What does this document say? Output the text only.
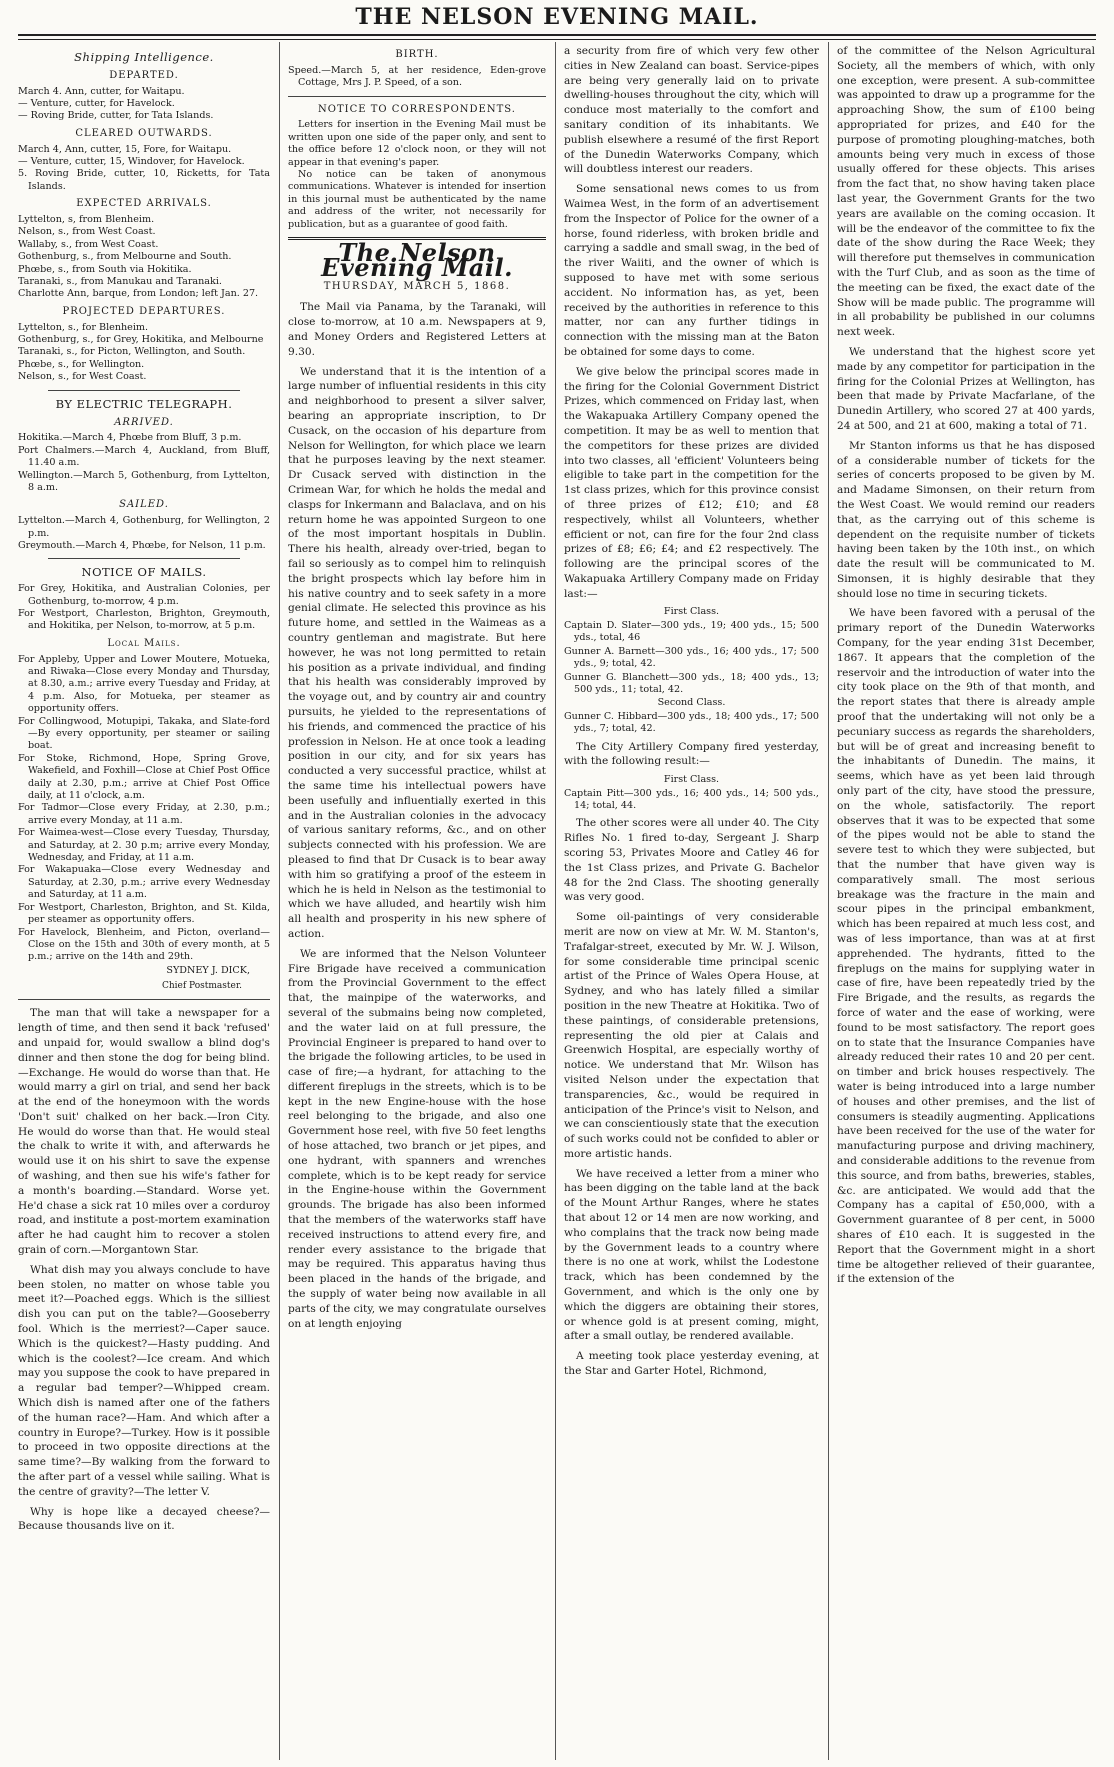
THE NELSON EVENING MAIL.
Shipping Intelligence.
DEPARTED.

March 4. Ann, cutter, for Waitapu.

— Venture, cutter, for Havelock.

— Roving Bride, cutter, for Tata Islands.

CLEARED OUTWARDS.

March 4, Ann, cutter, 15, Fore, for Waitapu.

— Venture, cutter, 15, Windover, for Havelock.

5. Roving Bride, cutter, 10, Ricketts, for Tata Islands.

EXPECTED ARRIVALS.

Lyttelton, s, from Blenheim.

Nelson, s., from West Coast.

Wallaby, s., from West Coast.

Gothenburg, s., from Melbourne and South.

Phœbe, s., from South via Hokitika.

Taranaki, s., from Manukau and Taranaki.

Charlotte Ann, barque, from London; left Jan. 27.

PROJECTED DEPARTURES.

Lyttelton, s., for Blenheim.

Gothenburg, s., for Grey, Hokitika, and Melbourne

Taranaki, s., for Picton, Wellington, and South.

Phœbe, s., for Wellington.

Nelson, s., for West Coast.

BY ELECTRIC TELEGRAPH.
ARRIVED.

Hokitika.—March 4, Phœbe from Bluff, 3 p.m.

Port Chalmers.—March 4, Auckland, from Bluff, 11.40 a.m.

Wellington.—March 5, Gothenburg, from Lyttelton, 8 a.m.

SAILED.

Lyttelton.—March 4, Gothenburg, for Wellington, 2 p.m.

Greymouth.—March 4, Phœbe, for Nelson, 11 p.m.

NOTICE OF MAILS.

For Grey, Hokitika, and Australian Colonies, per Gothenburg, to-morrow, 4 p.m.

For Westport, Charleston, Brighton, Greymouth, and Hokitika, per Nelson, to-morrow, at 5 p.m.

Local Mails.

For Appleby, Upper and Lower Moutere, Motueka, and Riwaka—Close every Monday and Thursday, at 8.30, a.m.; arrive every Tuesday and Friday, at 4 p.m. Also, for Motueka, per steamer as opportunity offers.

For Collingwood, Motupipi, Takaka, and Slate-ford—By every opportunity, per steamer or sailing boat.

For Stoke, Richmond, Hope, Spring Grove, Wakefield, and Foxhill—Close at Chief Post Office daily at 2.30, p.m.; arrive at Chief Post Office daily, at 11 o'clock, a.m.

For Tadmor—Close every Friday, at 2.30, p.m.; arrive every Monday, at 11 a.m.

For Waimea-west—Close every Tuesday, Thursday, and Saturday, at 2. 30 p.m; arrive every Monday, Wednesday, and Friday, at 11 a.m.

For Wakapuaka—Close every Wednesday and Saturday, at 2.30, p.m.; arrive every Wednesday and Saturday, at 11 a.m.

For Westport, Charleston, Brighton, and St. Kilda, per steamer as opportunity offers.

For Havelock, Blenheim, and Picton, overland—Close on the 15th and 30th of every month, at 5 p.m.; arrive on the 14th and 29th.

SYDNEY J. DICK,

Chief Postmaster.

The man that will take a newspaper for a length of time, and then send it back 'refused' and unpaid for, would swallow a blind dog's dinner and then stone the dog for being blind.—Exchange. He would do worse than that. He would marry a girl on trial, and send her back at the end of the honeymoon with the words 'Don't suit' chalked on her back.—Iron City. He would do worse than that. He would steal the chalk to write it with, and afterwards he would use it on his shirt to save the expense of washing, and then sue his wife's father for a month's boarding.—Standard. Worse yet. He'd chase a sick rat 10 miles over a corduroy road, and institute a post-mortem examination after he had caught him to recover a stolen grain of corn.—Morgantown Star.

What dish may you always conclude to have been stolen, no matter on whose table you meet it?—Poached eggs. Which is the silliest dish you can put on the table?—Gooseberry fool. Which is the merriest?—Caper sauce. Which is the quickest?—Hasty pudding. And which is the coolest?—Ice cream. And which may you suppose the cook to have prepared in a regular bad temper?—Whipped cream. Which dish is named after one of the fathers of the human race?—Ham. And which after a country in Europe?—Turkey. How is it possible to proceed in two opposite directions at the same time?—By walking from the forward to the after part of a vessel while sailing. What is the centre of gravity?—The letter V.

Why is hope like a decayed cheese?—Because thousands live on it.

BIRTH.

Speed.—March 5, at her residence, Eden-grove Cottage, Mrs J. P. Speed, of a son.

NOTICE TO CORRESPONDENTS.

Letters for insertion in the Evening Mail must be written upon one side of the paper only, and sent to the office before 12 o'clock noon, or they will not appear in that evening's paper.

No notice can be taken of anonymous communications. Whatever is intended for insertion in this journal must be authenticated by the name and address of the writer, not necessarily for publication, but as a guarantee of good faith.

The Nelson Evening Mail.
THURSDAY, MARCH 5, 1868.

The Mail via Panama, by the Taranaki, will close to-morrow, at 10 a.m. Newspapers at 9, and Money Orders and Registered Letters at 9.30.

We understand that it is the intention of a large number of influential residents in this city and neighborhood to present a silver salver, bearing an appropriate inscription, to Dr Cusack, on the occasion of his departure from Nelson for Wellington, for which place we learn that he purposes leaving by the next steamer. Dr Cusack served with distinction in the Crimean War, for which he holds the medal and clasps for Inkermann and Balaclava, and on his return home he was appointed Surgeon to one of the most important hospitals in Dublin. There his health, already over-tried, began to fail so seriously as to compel him to relinquish the bright prospects which lay before him in his native country and to seek safety in a more genial climate. He selected this province as his future home, and settled in the Waimeas as a country gentleman and magistrate. But here however, he was not long permitted to retain his position as a private individual, and finding that his health was considerably improved by the voyage out, and by country air and country pursuits, he yielded to the representations of his friends, and commenced the practice of his profession in Nelson. He at once took a leading position in our city, and for six years has conducted a very successful practice, whilst at the same time his intellectual powers have been usefully and influentially exerted in this and in the Australian colonies in the advocacy of various sanitary reforms, &c., and on other subjects connected with his profession. We are pleased to find that Dr Cusack is to bear away with him so gratifying a proof of the esteem in which he is held in Nelson as the testimonial to which we have alluded, and heartily wish him all health and prosperity in his new sphere of action.

We are informed that the Nelson Volunteer Fire Brigade have received a communication from the Provincial Government to the effect that, the mainpipe of the waterworks, and several of the submains being now completed, and the water laid on at full pressure, the Provincial Engineer is prepared to hand over to the brigade the following articles, to be used in case of fire;—a hydrant, for attaching to the different fireplugs in the streets, which is to be kept in the new Engine-house with the hose reel belonging to the brigade, and also one Government hose reel, with five 50 feet lengths of hose attached, two branch or jet pipes, and one hydrant, with spanners and wrenches complete, which is to be kept ready for service in the Engine-house within the Government grounds. The brigade has also been informed that the members of the waterworks staff have received instructions to attend every fire, and render every assistance to the brigade that may be required. This apparatus having thus been placed in the hands of the brigade, and the supply of water being now available in all parts of the city, we may congratulate ourselves on at length enjoying

a security from fire of which very few other cities in New Zealand can boast. Service-pipes are being very generally laid on to private dwelling-houses throughout the city, which will conduce most materially to the comfort and sanitary condition of its inhabitants. We publish elsewhere a resumé of the first Report of the Dunedin Waterworks Company, which will doubtless interest our readers.

Some sensational news comes to us from Waimea West, in the form of an advertisement from the Inspector of Police for the owner of a horse, found riderless, with broken bridle and carrying a saddle and small swag, in the bed of the river Waiiti, and the owner of which is supposed to have met with some serious accident. No information has, as yet, been received by the authorities in reference to this matter, nor can any further tidings in connection with the missing man at the Baton be obtained for some days to come.

We give below the principal scores made in the firing for the Colonial Government District Prizes, which commenced on Friday last, when the Wakapuaka Artillery Company opened the competition. It may be as well to mention that the competitors for these prizes are divided into two classes, all 'efficient' Volunteers being eligible to take part in the competition for the 1st class prizes, which for this province consist of three prizes of £12; £10; and £8 respectively, whilst all Volunteers, whether efficient or not, can fire for the four 2nd class prizes of £8; £6; £4; and £2 respectively. The following are the principal scores of the Wakapuaka Artillery Company made on Friday last:—

First Class.

Captain D. Slater—300 yds., 19; 400 yds., 15; 500 yds., total, 46

Gunner A. Barnett—300 yds., 16; 400 yds., 17; 500 yds., 9; total, 42.

Gunner G. Blanchett—300 yds., 18; 400 yds., 13; 500 yds., 11; total, 42.

Second Class.

Gunner C. Hibbard—300 yds., 18; 400 yds., 17; 500 yds., 7; total, 42.

The City Artillery Company fired yesterday, with the following result:—

First Class.

Captain Pitt—300 yds., 16; 400 yds., 14; 500 yds., 14; total, 44.

The other scores were all under 40. The City Rifles No. 1 fired to-day, Sergeant J. Sharp scoring 53, Privates Moore and Catley 46 for the 1st Class prizes, and Private G. Bachelor 48 for the 2nd Class. The shooting generally was very good.

Some oil-paintings of very considerable merit are now on view at Mr. W. M. Stanton's, Trafalgar-street, executed by Mr. W. J. Wilson, for some considerable time principal scenic artist of the Prince of Wales Opera House, at Sydney, and who has lately filled a similar position in the new Theatre at Hokitika. Two of these paintings, of considerable pretensions, representing the old pier at Calais and Greenwich Hospital, are especially worthy of notice. We understand that Mr. Wilson has visited Nelson under the expectation that transparencies, &c., would be required in anticipation of the Prince's visit to Nelson, and we can conscientiously state that the execution of such works could not be confided to abler or more artistic hands.

We have received a letter from a miner who has been digging on the table land at the back of the Mount Arthur Ranges, where he states that about 12 or 14 men are now working, and who complains that the track now being made by the Government leads to a country where there is no one at work, whilst the Lodestone track, which has been condemned by the Government, and which is the only one by which the diggers are obtaining their stores, or whence gold is at present coming, might, after a small outlay, be rendered available.

A meeting took place yesterday evening, at the Star and Garter Hotel, Richmond,

of the committee of the Nelson Agricultural Society, all the members of which, with only one exception, were present. A sub-committee was appointed to draw up a programme for the approaching Show, the sum of £100 being appropriated for prizes, and £40 for the purpose of promoting ploughing-matches, both amounts being very much in excess of those usually offered for these objects. This arises from the fact that, no show having taken place last year, the Government Grants for the two years are available on the coming occasion. It will be the endeavor of the committee to fix the date of the show during the Race Week; they will therefore put themselves in communication with the Turf Club, and as soon as the time of the meeting can be fixed, the exact date of the Show will be made public. The programme will in all probability be published in our columns next week.

We understand that the highest score yet made by any competitor for participation in the firing for the Colonial Prizes at Wellington, has been that made by Private Macfarlane, of the Dunedin Artillery, who scored 27 at 400 yards, 24 at 500, and 21 at 600, making a total of 71.

Mr Stanton informs us that he has disposed of a considerable number of tickets for the series of concerts proposed to be given by M. and Madame Simonsen, on their return from the West Coast. We would remind our readers that, as the carrying out of this scheme is dependent on the requisite number of tickets having been taken by the 10th inst., on which date the result will be communicated to M. Simonsen, it is highly desirable that they should lose no time in securing tickets.

We have been favored with a perusal of the primary report of the Dunedin Waterworks Company, for the year ending 31st December, 1867. It appears that the completion of the reservoir and the introduction of water into the city took place on the 9th of that month, and the report states that there is already ample proof that the undertaking will not only be a pecuniary success as regards the shareholders, but will be of great and increasing benefit to the inhabitants of Dunedin. The mains, it seems, which have as yet been laid through only part of the city, have stood the pressure, on the whole, satisfactorily. The report observes that it was to be expected that some of the pipes would not be able to stand the severe test to which they were subjected, but that the number that have given way is comparatively small. The most serious breakage was the fracture in the main and scour pipes in the principal embankment, which has been repaired at much less cost, and was of less importance, than was at at first apprehended. The hydrants, fitted to the fireplugs on the mains for supplying water in case of fire, have been repeatedly tried by the Fire Brigade, and the results, as regards the force of water and the ease of working, were found to be most satisfactory. The report goes on to state that the Insurance Companies have already reduced their rates 10 and 20 per cent. on timber and brick houses respectively. The water is being introduced into a large number of houses and other premises, and the list of consumers is steadily augmenting. Applications have been received for the use of the water for manufacturing purpose and driving machinery, and considerable additions to the revenue from this source, and from baths, breweries, stables, &c. are anticipated. We would add that the Company has a capital of £50,000, with a Government guarantee of 8 per cent, in 5000 shares of £10 each. It is suggested in the Report that the Government might in a short time be altogether relieved of their guarantee, if the extension of the
